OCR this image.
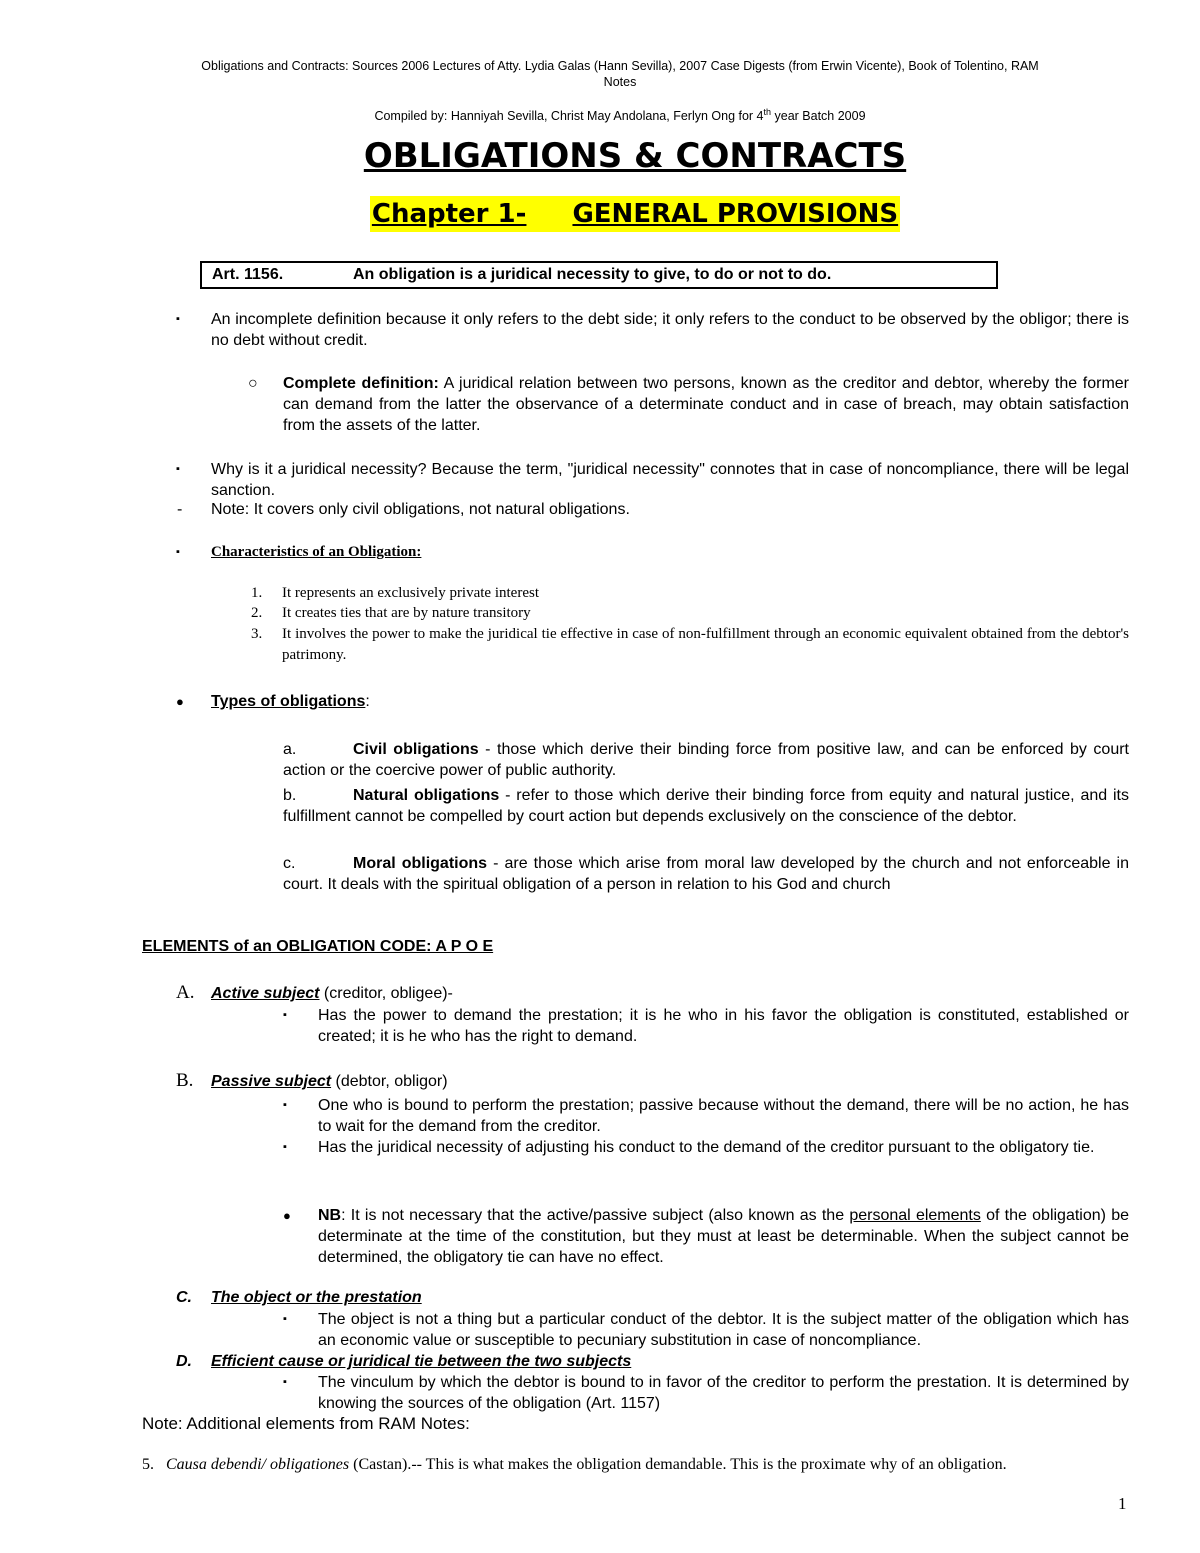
Obligations and Contracts: Sources 2006 Lectures of Atty. Lydia Galas (Hann Sevilla), 2007 Case Digests (from Erwin Vicente), Book of Tolentino, RAM
Notes
Compiled by: Hanniyah Sevilla, Christ May Andolana, Ferlyn Ong for 4th year Batch 2009
OBLIGATIONS & CONTRACTS
Chapter 1- GENERAL PROVISIONS
Art. 1156.	An obligation is a juridical necessity to give, to do or not to do.
▪ An incomplete definition because it only refers to the debt side; it only refers to the conduct to be observed by the obligor; there is no debt without credit.
○ Complete definition: A juridical relation between two persons, known as the creditor and debtor, whereby the former can demand from the latter the observance of a determinate conduct and in case of breach, may obtain satisfaction from the assets of the latter.
▪ Why is it a juridical necessity? Because the term, "juridical necessity" connotes that in case of noncompliance, there will be legal sanction.
- Note: It covers only civil obligations, not natural obligations.
▪ Characteristics of an Obligation:
1. It represents an exclusively private interest
2. It creates ties that are by nature transitory
3. It involves the power to make the juridical tie effective in case of non-fulfillment through an economic equivalent obtained from the debtor's patrimony.
● Types of obligations:
a.	Civil obligations - those which derive their binding force from positive law, and can be enforced by court action or the coercive power of public authority.
b.	Natural obligations - refer to those which derive their binding force from equity and natural justice, and its fulfillment cannot be compelled by court action but depends exclusively on the conscience of the debtor.
c.	Moral obligations - are those which arise from moral law developed by the church and not enforceable in court. It deals with the spiritual obligation of a person in relation to his God and church
ELEMENTS of an OBLIGATION CODE: A P O E
A. Active subject (creditor, obligee)-
▪ Has the power to demand the prestation; it is he who in his favor the obligation is constituted, established or created; it is he who has the right to demand.
B. Passive subject (debtor, obligor)
▪ One who is bound to perform the prestation; passive because without the demand, there will be no action, he has to wait for the demand from the creditor.
▪ Has the juridical necessity of adjusting his conduct to the demand of the creditor pursuant to the obligatory tie.
● NB: It is not necessary that the active/passive subject (also known as the personal elements of the obligation) be determinate at the time of the constitution, but they must at least be determinable. When the subject cannot be determined, the obligatory tie can have no effect.
C. The object or the prestation
▪ The object is not a thing but a particular conduct of the debtor. It is the subject matter of the obligation which has an economic value or susceptible to pecuniary substitution in case of noncompliance.
D. Efficient cause or juridical tie between the two subjects
▪ The vinculum by which the debtor is bound to in favor of the creditor to perform the prestation. It is determined by knowing the sources of the obligation (Art. 1157)
Note: Additional elements from RAM Notes:
5. Causa debendi/ obligationes (Castan).-- This is what makes the obligation demandable. This is the proximate why of an obligation.
1
